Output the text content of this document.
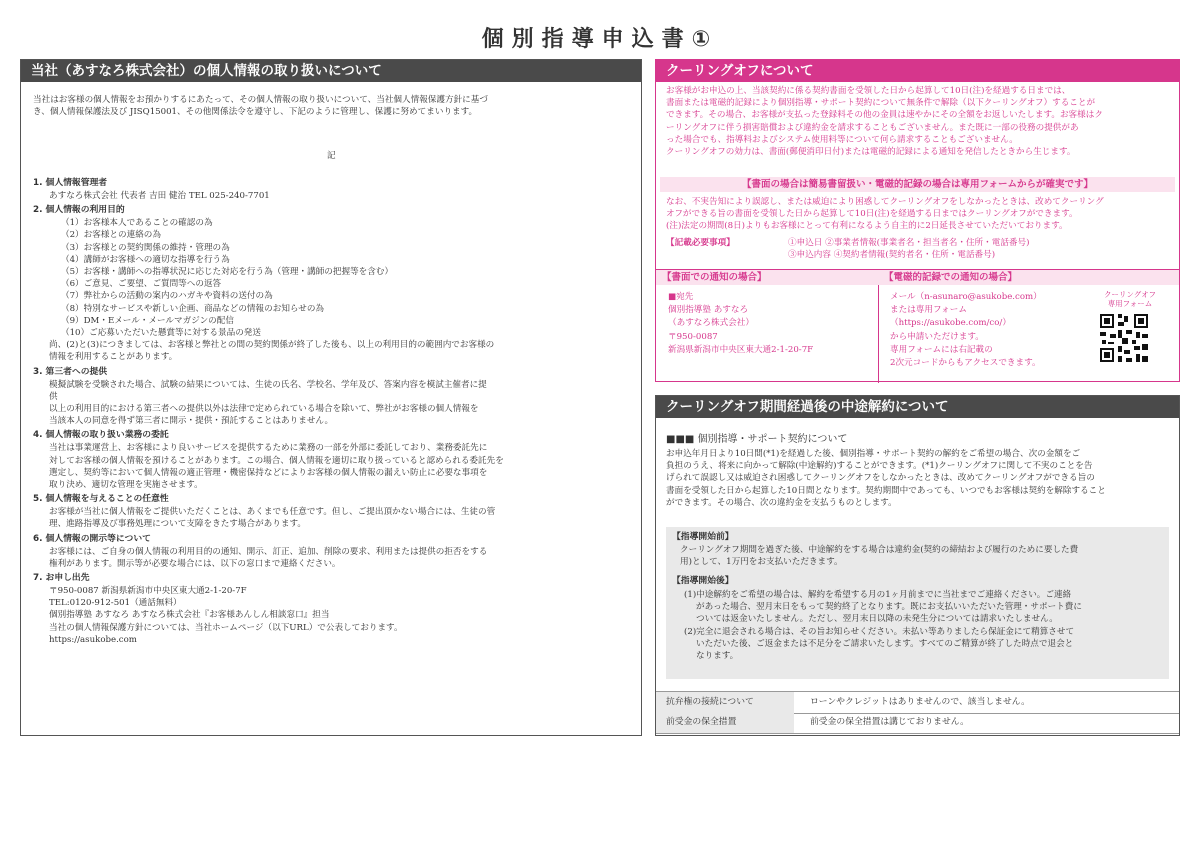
個別指導申込書①
当社（あすなろ株式会社）の個人情報の取り扱いについて
当社はお客様の個人情報をお預かりするにあたって、その個人情報の取り扱いについて、当社個人情報保護方針に基づ
き、個人情報保護法及び JISQ15001、その他関係法令を遵守し、下記のように管理し、保護に努めてまいります。
記
1. 個人情報管理者
あすなろ株式会社 代表者 吉田 健治 TEL 025-240-7701
2. 個人情報の利用目的
（1）お客様本人であることの確認の為
（2）お客様との連絡の為
（3）お客様との契約関係の維持・管理の為
（4）講師がお客様への適切な指導を行う為
（5）お客様・講師への指導状況に応じた対応を行う為（管理・講師の把握等を含む）
（6）ご意見、ご要望、ご質問等への返答
（7）弊社からの活動の案内のハガキや資料の送付の為
（8）特別なサービスや新しい企画、商品などの情報のお知らせの為
（9）DM・Eメール・メールマガジンの配信
（10）ご応募いただいた懸賞等に対する景品の発送
尚、(2)と(3)につきましては、お客様と弊社との間の契約関係が終了した後も、以上の利用目的の範囲内でお客様の
情報を利用することがあります。
3. 第三者への提供
模擬試験を受験された場合、試験の結果については、生徒の氏名、学校名、学年及び、答案内容を模試主催者に提
供
以上の利用目的における第三者への提供以外は法律で定められている場合を除いて、弊社がお客様の個人情報を
当該本人の同意を得ず第三者に開示・提供・預託することはありません。
4. 個人情報の取り扱い業務の委託
当社は事業運営上、お客様により良いサービスを提供するために業務の一部を外部に委託しており、業務委託先に
対してお客様の個人情報を預けることがあります。この場合、個人情報を適切に取り扱っていると認められる委託先を
選定し、契約等において個人情報の適正管理・機密保持などによりお客様の個人情報の漏えい防止に必要な事項を
取り決め、適切な管理を実施させます。
5. 個人情報を与えることの任意性
お客様が当社に個人情報をご提供いただくことは、あくまでも任意です。但し、ご提出頂かない場合には、生徒の管
理、進路指導及び事務処理について支障をきたす場合があります。
6. 個人情報の開示等について
お客様には、ご自身の個人情報の利用目的の通知、開示、訂正、追加、削除の要求、利用または提供の拒否をする
権利があります。開示等が必要な場合には、以下の窓口まで連絡ください。
7. お申し出先
〒950-0087 新潟県新潟市中央区東大通2-1-20-7F
TEL:0120-912-501（通話無料）
個別指導塾 あすなろ あすなろ株式会社『お客様あんしん相談窓口』担当
当社の個人情報保護方針については、当社ホームページ（以下URL）で公表しております。
https://asukobe.com
クーリングオフについて
お客様がお申込の上、当該契約に係る契約書面を受領した日から起算して10日(注)を経過する日までは、
書面または電磁的記録により個別指導・サポート契約について無条件で解除（以下クーリングオフ）することが
できます。その場合、お客様が支払った登録料その他の金員は速やかにその全額をお返しいたします。お客様はク
ーリングオフに伴う損害賠償および違約金を請求することもございません。また既に一部の役務の提供があ
った場合でも、指導料およびシステム使用料等について何ら請求することもございません。
クーリングオフの効力は、書面(郵便消印日付)または電磁的記録による通知を発信したときから生じます。
【書面の場合は簡易書留扱い・電磁的記録の場合は専用フォームからが確実です】
なお、不実告知により誤認し、または威迫により困惑してクーリングオフをしなかったときは、改めてクーリング
オフができる旨の書面を受領した日から起算して10日(注)を経過する日まではクーリングオフができます。
(注)法定の期間(8日)よりもお客様にとって有利になるよう自主的に2日延長させていただいております。
【記載必要事項】	①申込日 ②事業者情報(事業者名・担当者名・住所・電話番号)
③申込内容 ④契約者情報(契約者名・住所・電話番号)
【書面での通知の場合】
■宛先
個別指導塾 あすなろ
（あすなろ株式会社）
〒950-0087
新潟県新潟市中央区東大通2-1-20-7F
【電磁的記録での通知の場合】
メール（n-asunaro@asukobe.com）
または専用フォーム
（https://asukobe.com/co/）
から申請いただけます。
専用フォームには右記載の
2次元コードからもアクセスできます。
クーリングオフ
専用フォーム
クーリングオフ期間経過後の中途解約について
■■■ 個別指導・サポート契約について
お申込年月日より10日間(*1)を経過した後、個別指導・サポート契約の解約をご希望の場合、次の金額をご
負担のうえ、将来に向かって解除(中途解約)することができます。(*1)クーリングオフに関して不実のことを告
げられて誤認し又は威迫され困惑してクーリングオフをしなかったときは、改めてクーリングオフができる旨の
書面を受領した日から起算した10日間となります。契約期間中であっても、いつでもお客様は契約を解除すること
ができます。その場合、次の違約金を支払うものとします。
【指導開始前】
クーリングオフ期間を過ぎた後、中途解約をする場合は違約金(契約の締結および履行のために要した費
用)として、1万円をお支払いただきます。
【指導開始後】
(1)中途解約をご希望の場合は、解約を希望する月の1ヶ月前までに当社までご連絡ください。ご連絡
があった場合、翌月末日をもって契約終了となります。既にお支払いいただいた管理・サポート費に
ついては返金いたしません。ただし、翌月末日以降の未発生分については請求いたしません。
(2)完全に退会される場合は、その旨お知らせください。未払い等ありましたら保証金にて精算させて
いただいた後、ご返金または不足分をご請求いたします。すべてのご精算が終了した時点で退会と
なります。
抗弁権の接続について	ローンやクレジットはありませんので、該当しません。
前受金の保全措置	前受金の保全措置は講じておりません。
